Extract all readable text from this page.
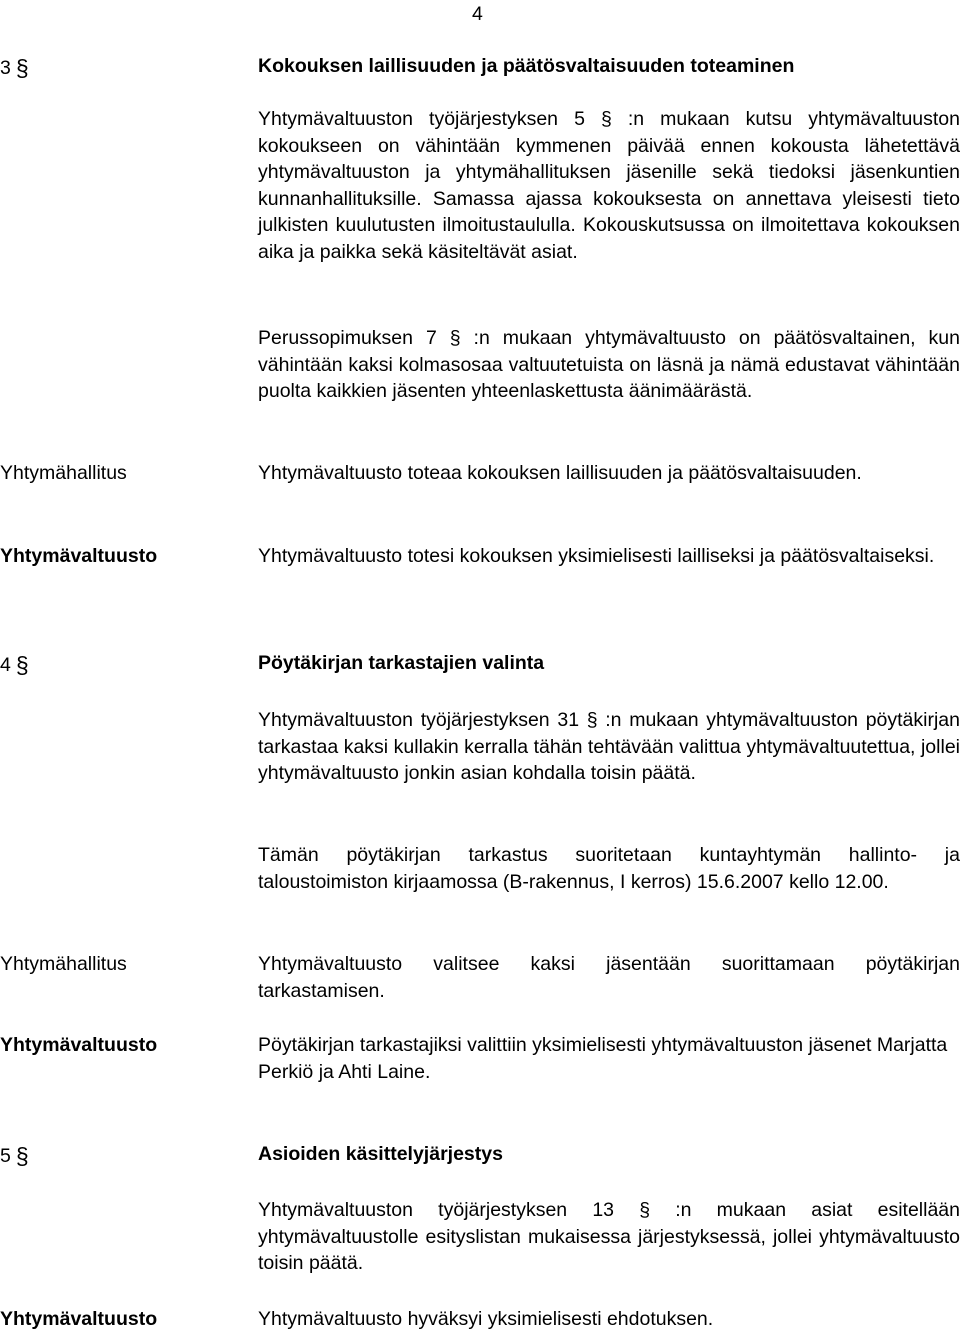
4
3 §	Kokouksen laillisuuden ja päätösvaltaisuuden toteaminen
Yhtymävaltuuston työjärjestyksen 5 § :n mukaan kutsu yhtymävaltuuston kokoukseen on vähintään kymmenen päivää ennen kokousta lähetettävä yhtymävaltuuston ja yhtymähallituksen jäsenille sekä tiedoksi jäsenkuntien kunnanhallituksille. Samassa ajassa kokouksesta on annettava yleisesti tieto julkisten kuulutusten ilmoitustaululla. Kokouskutsussa on ilmoitettava kokouksen aika ja paikka sekä käsiteltävät asiat.
Perussopimuksen 7 § :n mukaan yhtymävaltuusto on päätösvaltainen, kun vähintään kaksi kolmasosaa valtuutetuista on läsnä ja nämä edustavat vähintään puolta kaikkien jäsenten yhteenlaskettusta äänimäärästä.
Yhtymähallitus	Yhtymävaltuusto toteaa kokouksen laillisuuden ja päätösvaltaisuuden.
Yhtymävaltuusto	Yhtymävaltuusto totesi kokouksen yksimielisesti lailliseksi ja päätösvaltaiseksi.
4 §	Pöytäkirjan tarkastajien valinta
Yhtymävaltuuston työjärjestyksen 31 § :n mukaan yhtymävaltuuston pöytäkirjan tarkastaa kaksi kullakin kerralla tähän tehtävään valittua yhtymävaltuutettua, jollei yhtymävaltuusto jonkin asian kohdalla toisin päätä.
Tämän pöytäkirjan tarkastus suoritetaan kuntayhtymän hallinto- ja taloustoimiston kirjaamossa (B-rakennus, I kerros) 15.6.2007 kello 12.00.
Yhtymähallitus	Yhtymävaltuusto valitsee kaksi jäsentään suorittamaan pöytäkirjan tarkastamisen.
Yhtymävaltuusto	Pöytäkirjan tarkastajiksi valittiin yksimielisesti yhtymävaltuuston jäsenet Marjatta Perkiö ja Ahti Laine.
5 §	Asioiden käsittelyjärjestys
Yhtymävaltuuston työjärjestyksen 13 § :n mukaan asiat esitellään yhtymävaltuustolle esityslistan mukaisessa järjestyksessä, jollei yhtymävaltuusto toisin päätä.
Yhtymävaltuusto	Yhtymävaltuusto hyväksyi yksimielisesti ehdotuksen.
